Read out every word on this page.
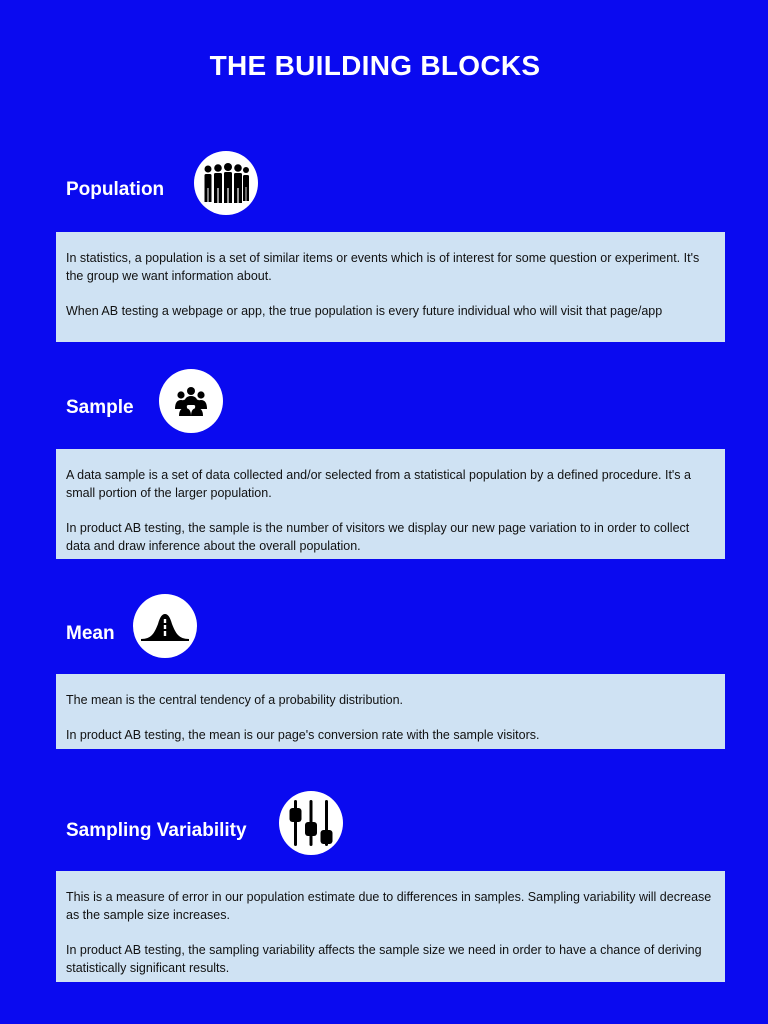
THE BUILDING BLOCKS
Population

In statistics, a population is a set of similar items or events which is of interest for some question or experiment. It's the group we want information about.

When AB testing a webpage or app, the true population is every future individual who will visit that page/app

Sample

A data sample is a set of data collected and/or selected from a statistical population by a defined procedure. It's a small portion of the larger population.

In product AB testing, the sample is the number of visitors we display our new page variation to in order to collect data and draw inference about the overall population.

Mean

The mean is the central tendency of a probability distribution.

In product AB testing, the mean is our page's conversion rate with the sample visitors.

Sampling Variability

This is a measure of error in our population estimate due to differences in samples. Sampling variability will decrease as the sample size increases.

In product AB testing, the sampling variability affects the sample size we need in order to have a chance of deriving statistically significant results.
